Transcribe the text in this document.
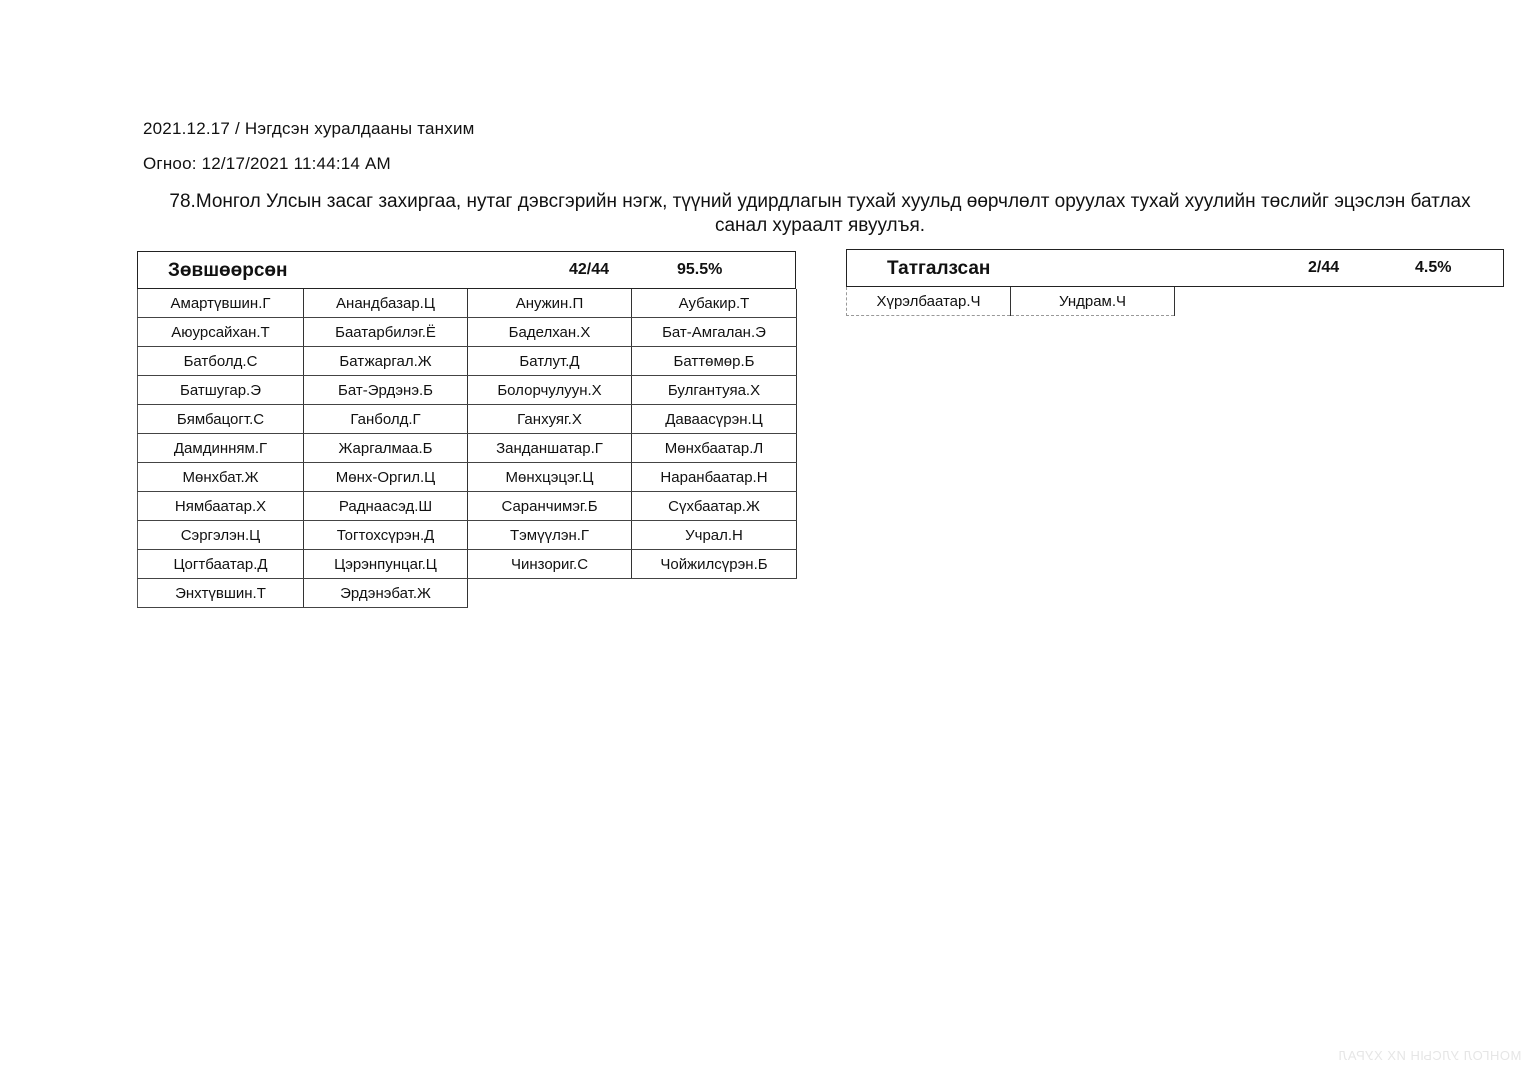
2021.12.17 / Нэгдсэн хуралдааны танхим
Огноо: 12/17/2021 11:44:14 AM
78.Монгол Улсын засаг захиргаа, нутаг дэвсгэрийн нэгж, түүний удирдлагын тухай хуульд өөрчлөлт оруулах тухай хуулийн төслийг эцэслэн батлах санал хураалт явуулъя.
Зөвшөөрсөн	42/44	95.5%
Амартүвшин.Г	Анандбазар.Ц	Анужин.П	Аубакир.Т
Аюурсайхан.Т	Баатарбилэг.Ё	Баделхан.Х	Бат-Амгалан.Э
Батболд.С	Батжаргал.Ж	Батлут.Д	Баттөмөр.Б
Батшугар.Э	Бат-Эрдэнэ.Б	Болорчулуун.Х	Булгантуяа.Х
Бямбацогт.С	Ганболд.Г	Ганхуяг.Х	Даваасүрэн.Ц
Дамдинням.Г	Жаргалмаа.Б	Занданшатар.Г	Мөнхбаатар.Л
Мөнхбат.Ж	Мөнх-Оргил.Ц	Мөнхцэцэг.Ц	Наранбаатар.Н
Нямбаатар.Х	Раднаасэд.Ш	Саранчимэг.Б	Сүхбаатар.Ж
Сэргэлэн.Ц	Тогтохсүрэн.Д	Тэмүүлэн.Г	Учрал.Н
Цогтбаатар.Д	Цэрэнпунцаг.Ц	Чинзориг.С	Чойжилсүрэн.Б
Энхтүвшин.Т	Эрдэнэбат.Ж		
Татгалзсан	2/44	4.5%
Хүрэлбаатар.Ч	Ундрам.Ч
МОНГОЛ УЛСЫН ИХ ХУРАЛ
